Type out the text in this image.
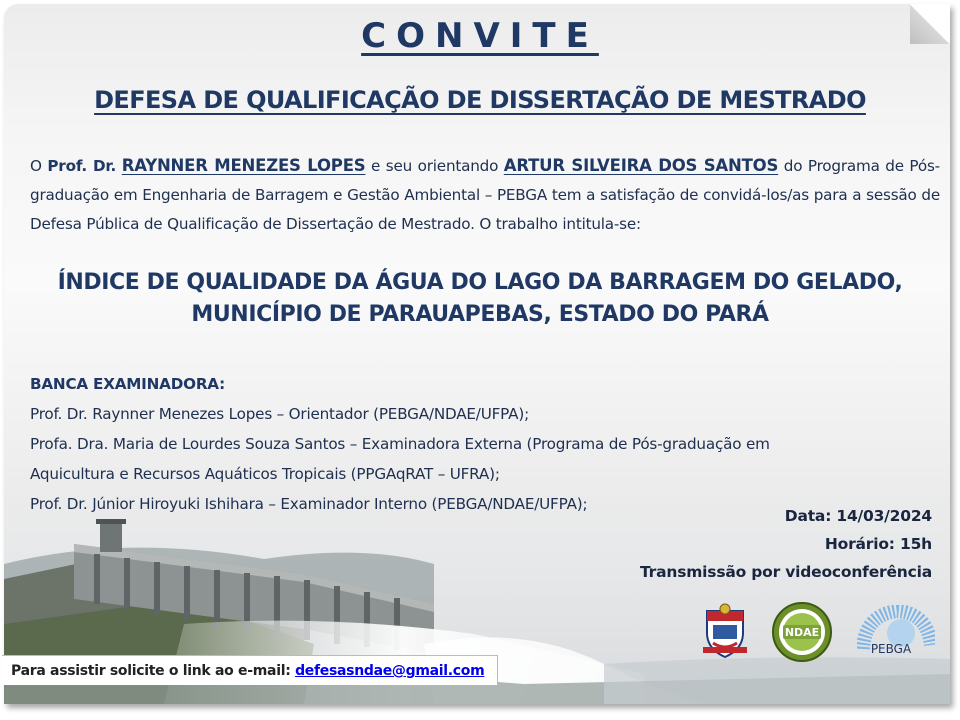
NDAE
PEBGA
CONVITE
DEFESA DE QUALIFICAÇÃO DE DISSERTAÇÃO DE MESTRADO
O Prof. Dr. RAYNNER MENEZES LOPES e seu orientando ARTUR SILVEIRA DOS SANTOS do Programa de Pós-graduação em Engenharia de Barragem e Gestão Ambiental – PEBGA tem a satisfação de convidá-los/as para a sessão de Defesa Pública de Qualificação de Dissertação de Mestrado. O trabalho intitula-se:
ÍNDICE DE QUALIDADE DA ÁGUA DO LAGO DA BARRAGEM DO GELADO,
MUNICÍPIO DE PARAUAPEBAS, ESTADO DO PARÁ
BANCA EXAMINADORA:
Prof. Dr. Raynner Menezes Lopes – Orientador (PEBGA/NDAE/UFPA);
Profa. Dra. Maria de Lourdes Souza Santos – Examinadora Externa (Programa de Pós-graduação em
Aquicultura e Recursos Aquáticos Tropicais (PPGAqRAT – UFRA);
Prof. Dr. Júnior Hiroyuki Ishihara – Examinador Interno (PEBGA/NDAE/UFPA);
Data: 14/03/2024
Horário: 15h
Transmissão por videoconferência
Para assistir solicite o link ao e-mail: defesasndae@gmail.com
